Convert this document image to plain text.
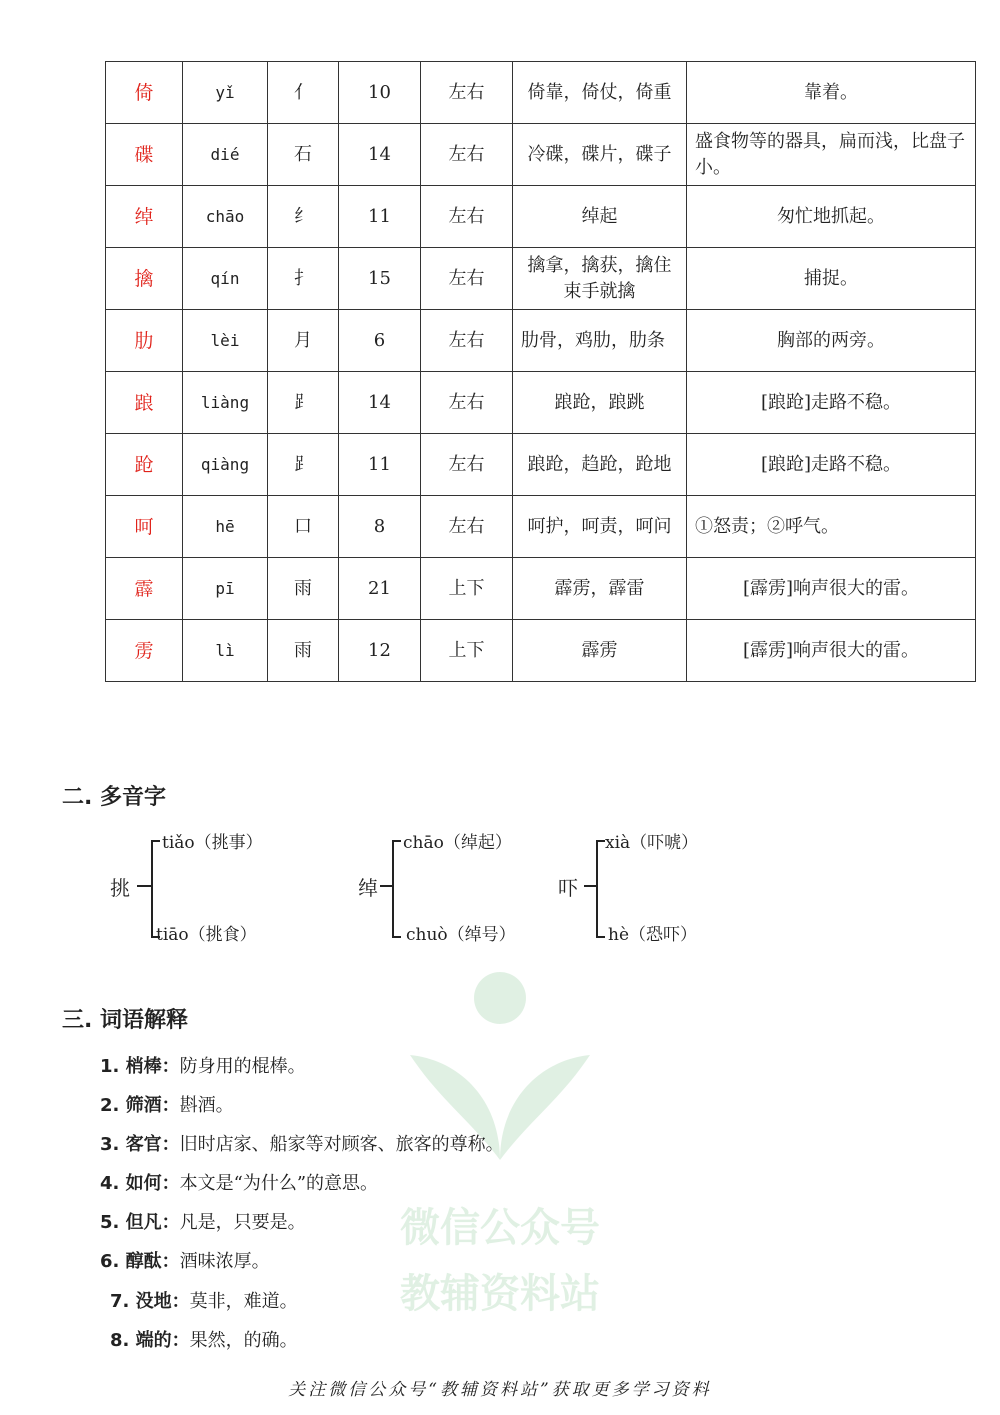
微信公众号
教辅资料站
倚	yǐ	亻	10	左右	倚靠，倚仗，倚重	靠着。
碟	dié	石	14	左右	冷碟，碟片，碟子	盛食物等的器具，扁而浅，比盘子小。
绰	chāo	纟	11	左右	绰起	匆忙地抓起。
擒	qín	扌	15	左右	擒拿，擒获，擒住束手就擒	捕捉。
肋	lèi	月	6	左右	肋骨，鸡肋，肋条	胸部的两旁。
踉	liàng	⻊	14	左右	踉跄，踉跳	[踉跄]走路不稳。
跄	qiàng	⻊	11	左右	踉跄，趋跄，跄地	[踉跄]走路不稳。
呵	hē	口	8	左右	呵护，呵责，呵问	①怒责；②呼气。
霹	pī	雨	21	上下	霹雳，霹雷	[霹雳]响声很大的雷。
雳	lì	雨	12	上下	霹雳	[霹雳]响声很大的雷。
二. 多音字
挑
tiǎo（挑事）
tiāo（挑食）
绰
chāo（绰起）
chuò（绰号）
吓
xià（吓唬）
hè（恐吓）
三. 词语解释
1. 梢棒：防身用的棍棒。
2. 筛酒：斟酒。
3. 客官：旧时店家、船家等对顾客、旅客的尊称。
4. 如何：本文是“为什么”的意思。
5. 但凡：凡是，只要是。
6. 醇酞：酒味浓厚。
7. 没地：莫非，难道。
8. 端的：果然，的确。
关注微信公众号“教辅资料站”获取更多学习资料
